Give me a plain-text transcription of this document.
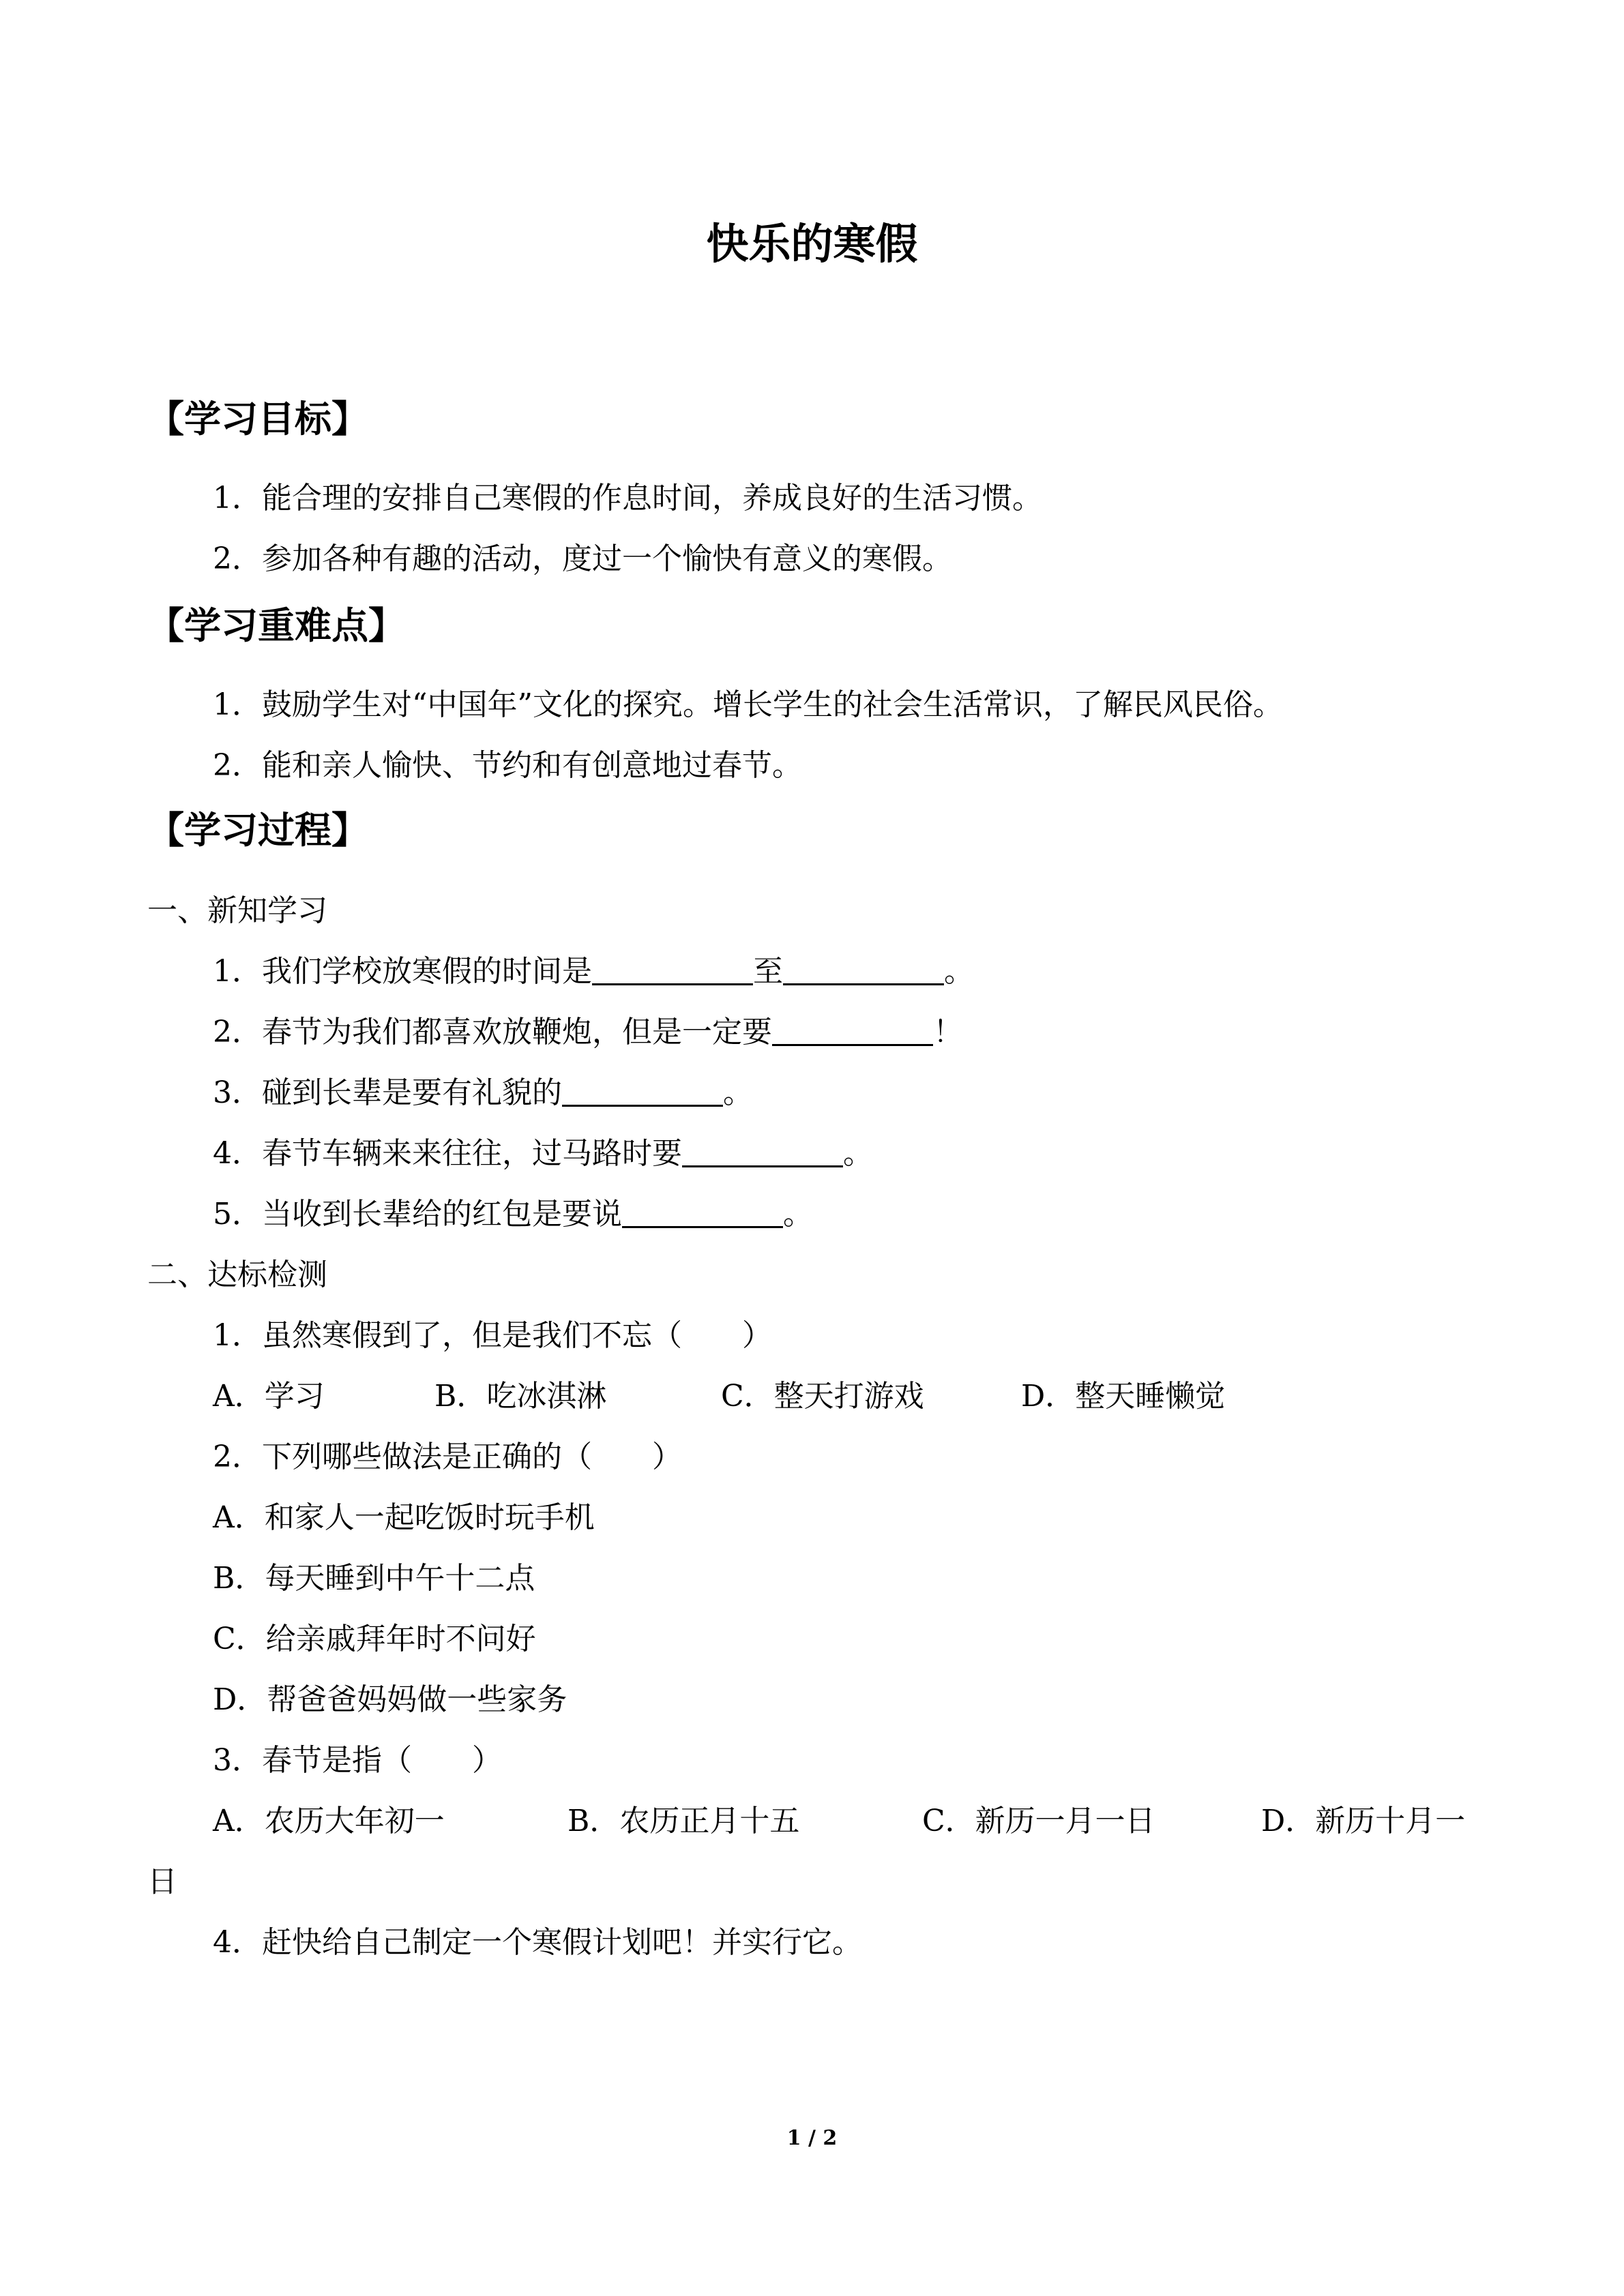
快乐的寒假
【学习目标】
1．能合理的安排自己寒假的作息时间，养成良好的生活习惯。
2．参加各种有趣的活动，度过一个愉快有意义的寒假。
【学习重难点】
1．鼓励学生对“中国年”文化的探究。增长学生的社会生活常识，了解民风民俗。
2．能和亲人愉快、节约和有创意地过春节。
【学习过程】
一、新知学习
1．我们学校放寒假的时间是	至	。
2．春节为我们都喜欢放鞭炮，但是一定要	！
3．碰到长辈是要有礼貌的	。
4．春节车辆来来往往，过马路时要	。
5．当收到长辈给的红包是要说	。
二、达标检测
1．虽然寒假到了，但是我们不忘（　　）
A．学习	B．吃冰淇淋	C．整天打游戏	D．整天睡懒觉
2．下列哪些做法是正确的（　　）
A．和家人一起吃饭时玩手机
B．每天睡到中午十二点
C．给亲戚拜年时不问好
D．帮爸爸妈妈做一些家务
3．春节是指（　　）
A．农历大年初一	B．农历正月十五	C．新历一月一日	D．新历十月一
日
4．赶快给自己制定一个寒假计划吧！并实行它。
1 / 2
